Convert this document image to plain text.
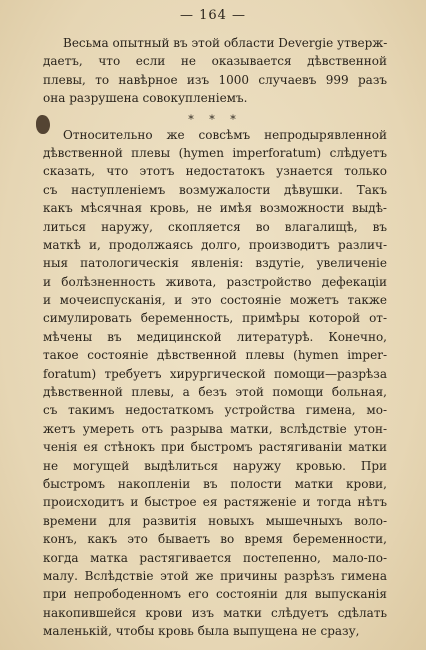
— 164 —
Весьма опытный въ этой области Devergie утверж-
даетъ, что если не оказывается дѣвственной
плевы, то навѣрное изъ 1000 случаевъ 999 разъ
она разрушена совокупленіемъ.
* * *
Относительно же совсѣмъ непродырявленной
дѣвственной плевы (hymen imperforatum) слѣдуетъ
сказать, что этотъ недостатокъ узнается только
съ наступленіемъ возмужалости дѣвушки. Такъ
какъ мѣсячная кровь, не имѣя возможности выдѣ-
литься наружу, скопляется во влагалищѣ, въ
маткѣ и, продолжаясь долго, производитъ различ-
ныя патологическія явленія: вздутіе, увеличеніе
и болѣзненность живота, разстройство дефекаціи
и мочеиспусканія, и это состояніе можетъ также
симулировать беременность, примѣры которой от-
мѣчены въ медицинской литературѣ. Конечно,
такое состояніе дѣвственной плевы (hymen imper-
foratum) требуетъ хирургической помощи—разрѣза
дѣвственной плевы, а безъ этой помощи больная,
съ такимъ недостаткомъ устройства гимена, мо-
жетъ умереть отъ разрыва матки, вслѣдствіе утон-
ченія ея стѣнокъ при быстромъ растягиваніи матки
не могущей выдѣлиться наружу кровью. При
быстромъ накопленіи въ полости матки крови,
происходитъ и быстрое ея растяженіе и тогда нѣтъ
времени для развитія новыхъ мышечныхъ воло-
конъ, какъ это бываетъ во время беременности,
когда матка растягивается постепенно, мало-по-
малу. Вслѣдствіе этой же причины разрѣзъ гимена
при непрободенномъ его состояніи для выпусканія
накопившейся крови изъ матки слѣдуетъ сдѣлать
маленькій, чтобы кровь была выпущена не сразу,
